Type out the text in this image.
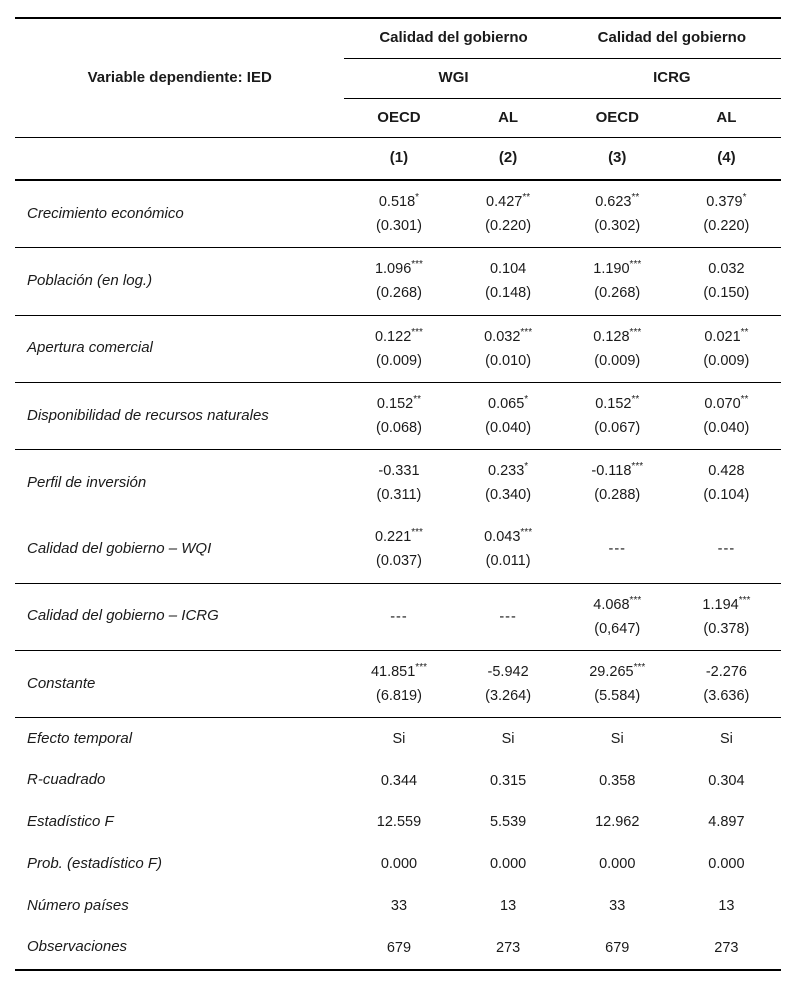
Variable dependiente: IED	Calidad del gobierno		Calidad del gobierno	
	WGI		ICRG	
	OECD	AL	OECD	AL
	(1)	(2)	(3)	(4)
Crecimiento económico	0.518*	0.427**	0.623**	0.379*
	(0.301)	(0.220)	(0.302)	(0.220)
Población (en log.)	1.096***	0.104	1.190***	0.032
	(0.268)	(0.148)	(0.268)	(0.150)
Apertura comercial	0.122***	0.032***	0.128***	0.021**
	(0.009)	(0.010)	(0.009)	(0.009)
Disponibilidad de recursos naturales	0.152**	0.065*	0.152**	0.070**
	(0.068)	(0.040)	(0.067)	(0.040)
Perfil de inversión	-0.331	0.233*	-0.118***	0.428
	(0.311)	(0.340)	(0.288)	(0.104)
Calidad del gobierno – WQI	0.221***	0.043***	---	---
	(0.037)	(0.011)		
Calidad del gobierno – ICRG	---	---	4.068***	1.194***
			(0,647)	(0.378)
Constante	41.851***	-5.942	29.265***	-2.276
	(6.819)	(3.264)	(5.584)	(3.636)
Efecto temporal	Si	Si	Si	Si
R-cuadrado	0.344	0.315	0.358	0.304
Estadístico F	12.559	5.539	12.962	4.897
Prob. (estadístico F)	0.000	0.000	0.000	0.000
Número países	33	13	33	13
Observaciones	679	273	679	273
